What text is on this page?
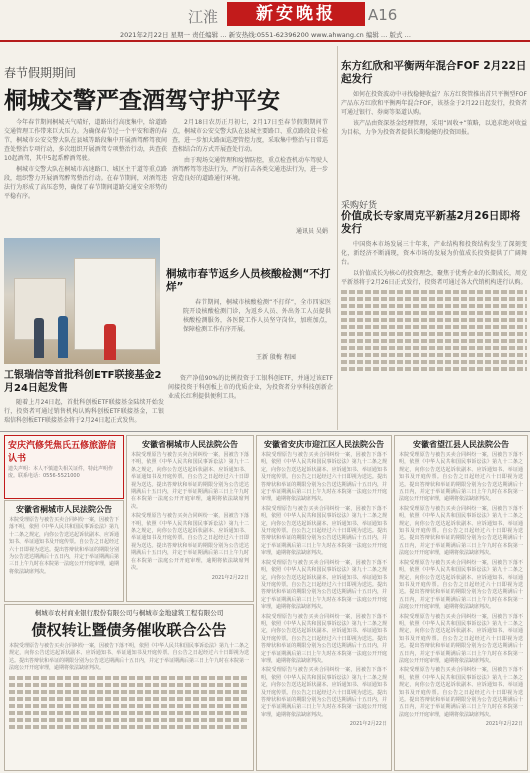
江淮	新安晚报	A16
2021年2月22日 星期一 责任编辑 … 新安热线:0551-62396200 www.ahwang.cn 编辑 … 版式 …
春节假期期间
桐城交警严查酒驾守护平安

今年春节期间桐城天气晴好，道路出行高度集中，给道路交通管理工作带来巨大压力。为确保春节过一个平安和谐的春节，桐城市公安交警大队在县城等路段集中开展酒驾醉驾夜间查处整治专项行动，多次组织开展酒驾专项整治行动，共查获10起酒驾，其中5起系醉酒驾驶。

桐城市交警大队在桐城市高速路口、城区主干道等重点路段，组织警力开展酒驾醉驾整治行动。在春节期间，对酒驾违法行为形成了高压态势，确保了春节期间道路交通安全形势的平稳有序。

2月18日农历正月初七，2月17日至春节假期期间节点，桐城市公安交警大队在县城主要路口、重点路段设卡检查，进一步加大路面巡逻管控力度，采取集中整治与日常巡查相结合的方式开展查处行动。

由于现场交通管理和疫情防控，重点检查机动车驾驶人酒驾醉驾等违法行为，严厉打击各类交通违法行为，进一步营造良好的道路通行环境。

通讯员 吴娟
桐城市春节返乡人员核酸检测“不打烊”

春节期间，桐城市核酸检测“不打烊”，全市四家医院开设核酸检测门诊，为返乡人员、外出务工人员提供核酸检测服务，各医院工作人员坚守岗位，加班加点，保障检测工作有序开展。

王新 殷梅 程园
工银瑞信等首批科创ETF联接基金2月24日起发售

随着上月24日起，首批科创板ETF联接基金陆续开始发行，投资者可通过销售机构认购科创板ETF联接基金，工银瑞信科创板ETF联接基金将于2月24日起正式发售。

资产净值90%的比例投资于工银科创ETF，并通过该ETF间接投资于科创板上市的优质企业，为投资者分享科技创新企业成长红利提供便利工具。

东方红欣和平衡两年混合FOF 2月22日起发行

如何在投资波动中寻找稳健收益？东方红资管推出首只平衡型FOF产品东方红欣和平衡两年混合FOF，该基金于2月22日起发行，投资者可通过银行、券商等渠道认购。

该产品由资深基金经理管理，采用“固收+”策略，以追求绝对收益为目标，力争为投资者提供长期稳健的投资回报。

采购好货
价值成长专家周克平新基2月26日即将发行

中国资本市场发展三十年来，产业结构和投资结构发生了深刻变化，新经济不断涌现，资本市场的发展为价值成长投资提供了广阔舞台。

以价值成长为核心的投资理念，聚焦于优秀企业的长期成长，周克平新基将于2月26日正式发行，投资者可通过各大代销机构进行认购。

安庆汽修凭焦氏五修旅游信认书
遗失声明：本人不慎遗失相关证件，特此声明作废。联系电话：0556-5521000
安徽省桐城市人民法院公告

本院受理原告与被告买卖合同纠纷一案，因被告下落不明，依照《中华人民共和国民事诉讼法》第九十二条之规定，向你公告送达起诉状副本、应诉通知书、举证通知书及开庭传票。自公告之日起经过六十日即视为送达。提出答辩状和举证的期限分别为公告送达期满后十五日内，并定于举证期满后第三日上午九时在本院第一法庭公开开庭审理，逾期将依法缺席判决。

安徽省桐城市人民法院公告

本院受理原告与被告买卖合同纠纷一案，因被告下落不明，依照《中华人民共和国民事诉讼法》第九十二条之规定，向你公告送达起诉状副本、应诉通知书、举证通知书及开庭传票。自公告之日起经过六十日即视为送达。提出答辩状和举证的期限分别为公告送达期满后十五日内，并定于举证期满后第三日上午九时在本院第一法庭公开开庭审理，逾期将依法缺席判决。

本院受理原告与被告买卖合同纠纷一案，因被告下落不明，依照《中华人民共和国民事诉讼法》第九十二条之规定，向你公告送达起诉状副本、应诉通知书、举证通知书及开庭传票。自公告之日起经过六十日即视为送达。提出答辩状和举证的期限分别为公告送达期满后十五日内，并定于举证期满后第三日上午九时在本院第一法庭公开开庭审理，逾期将依法缺席判决。

2021年2月22日

安徽省安庆市迎江区人民法院公告

本院受理原告与被告买卖合同纠纷一案，因被告下落不明，依照《中华人民共和国民事诉讼法》第九十二条之规定，向你公告送达起诉状副本、应诉通知书、举证通知书及开庭传票。自公告之日起经过六十日即视为送达。提出答辩状和举证的期限分别为公告送达期满后十五日内，并定于举证期满后第三日上午九时在本院第一法庭公开开庭审理，逾期将依法缺席判决。

本院受理原告与被告买卖合同纠纷一案，因被告下落不明，依照《中华人民共和国民事诉讼法》第九十二条之规定，向你公告送达起诉状副本、应诉通知书、举证通知书及开庭传票。自公告之日起经过六十日即视为送达。提出答辩状和举证的期限分别为公告送达期满后十五日内，并定于举证期满后第三日上午九时在本院第一法庭公开开庭审理，逾期将依法缺席判决。

本院受理原告与被告买卖合同纠纷一案，因被告下落不明，依照《中华人民共和国民事诉讼法》第九十二条之规定，向你公告送达起诉状副本、应诉通知书、举证通知书及开庭传票。自公告之日起经过六十日即视为送达。提出答辩状和举证的期限分别为公告送达期满后十五日内，并定于举证期满后第三日上午九时在本院第一法庭公开开庭审理，逾期将依法缺席判决。

本院受理原告与被告买卖合同纠纷一案，因被告下落不明，依照《中华人民共和国民事诉讼法》第九十二条之规定，向你公告送达起诉状副本、应诉通知书、举证通知书及开庭传票。自公告之日起经过六十日即视为送达。提出答辩状和举证的期限分别为公告送达期满后十五日内，并定于举证期满后第三日上午九时在本院第一法庭公开开庭审理，逾期将依法缺席判决。

本院受理原告与被告买卖合同纠纷一案，因被告下落不明，依照《中华人民共和国民事诉讼法》第九十二条之规定，向你公告送达起诉状副本、应诉通知书、举证通知书及开庭传票。自公告之日起经过六十日即视为送达。提出答辩状和举证的期限分别为公告送达期满后十五日内，并定于举证期满后第三日上午九时在本院第一法庭公开开庭审理，逾期将依法缺席判决。

2021年2月22日

安徽省望江县人民法院公告

本院受理原告与被告买卖合同纠纷一案，因被告下落不明，依照《中华人民共和国民事诉讼法》第九十二条之规定，向你公告送达起诉状副本、应诉通知书、举证通知书及开庭传票。自公告之日起经过六十日即视为送达。提出答辩状和举证的期限分别为公告送达期满后十五日内，并定于举证期满后第三日上午九时在本院第一法庭公开开庭审理，逾期将依法缺席判决。

本院受理原告与被告买卖合同纠纷一案，因被告下落不明，依照《中华人民共和国民事诉讼法》第九十二条之规定，向你公告送达起诉状副本、应诉通知书、举证通知书及开庭传票。自公告之日起经过六十日即视为送达。提出答辩状和举证的期限分别为公告送达期满后十五日内，并定于举证期满后第三日上午九时在本院第一法庭公开开庭审理，逾期将依法缺席判决。

本院受理原告与被告买卖合同纠纷一案，因被告下落不明，依照《中华人民共和国民事诉讼法》第九十二条之规定，向你公告送达起诉状副本、应诉通知书、举证通知书及开庭传票。自公告之日起经过六十日即视为送达。提出答辩状和举证的期限分别为公告送达期满后十五日内，并定于举证期满后第三日上午九时在本院第一法庭公开开庭审理，逾期将依法缺席判决。

本院受理原告与被告买卖合同纠纷一案，因被告下落不明，依照《中华人民共和国民事诉讼法》第九十二条之规定，向你公告送达起诉状副本、应诉通知书、举证通知书及开庭传票。自公告之日起经过六十日即视为送达。提出答辩状和举证的期限分别为公告送达期满后十五日内，并定于举证期满后第三日上午九时在本院第一法庭公开开庭审理，逾期将依法缺席判决。

本院受理原告与被告买卖合同纠纷一案，因被告下落不明，依照《中华人民共和国民事诉讼法》第九十二条之规定，向你公告送达起诉状副本、应诉通知书、举证通知书及开庭传票。自公告之日起经过六十日即视为送达。提出答辩状和举证的期限分别为公告送达期满后十五日内，并定于举证期满后第三日上午九时在本院第一法庭公开开庭审理，逾期将依法缺席判决。

2021年2月22日

桐城市农村商业银行股份有限公司与桐城市金地建筑工程有限公司
债权转让暨债务催收联合公告

本院受理原告与被告买卖合同纠纷一案，因被告下落不明，依照《中华人民共和国民事诉讼法》第九十二条之规定，向你公告送达起诉状副本、应诉通知书、举证通知书及开庭传票。自公告之日起经过六十日即视为送达。提出答辩状和举证的期限分别为公告送达期满后十五日内，并定于举证期满后第三日上午九时在本院第一法庭公开开庭审理，逾期将依法缺席判决。
